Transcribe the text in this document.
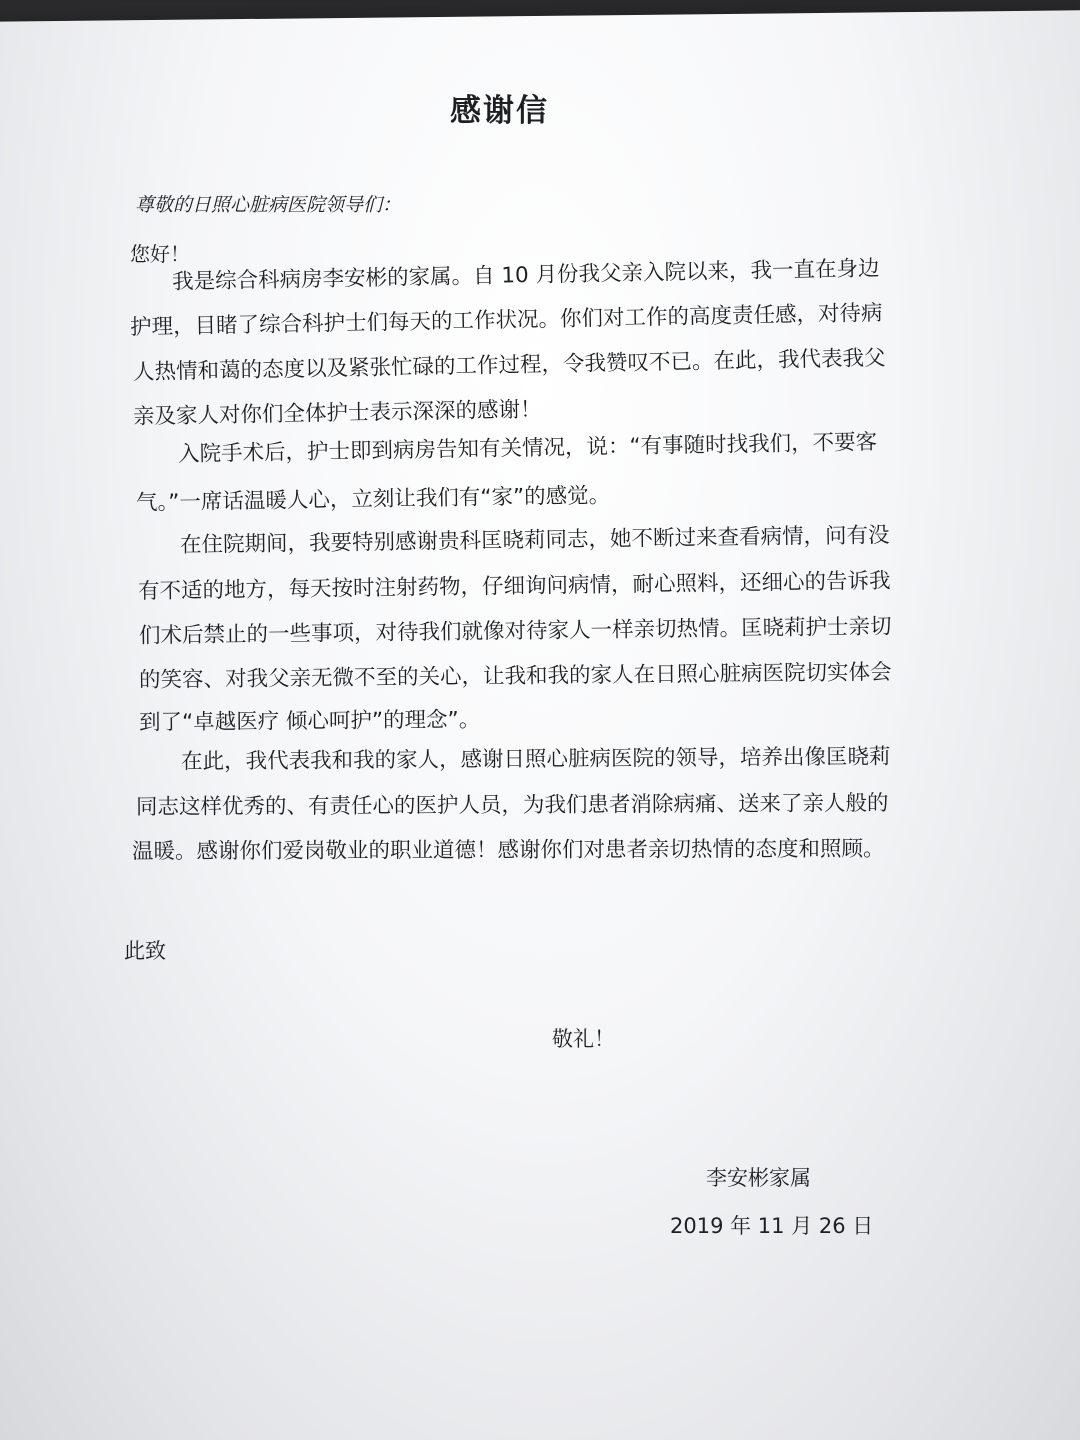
感谢信

尊敬的日照心脏病医院领导们：

您好！

我是综合科病房李安彬的家属。自 10 月份我父亲入院以来，我一直在身边

护理，目睹了综合科护士们每天的工作状况。你们对工作的高度责任感，对待病

人热情和蔼的态度以及紧张忙碌的工作过程，令我赞叹不已。在此，我代表我父

亲及家人对你们全体护士表示深深的感谢！

入院手术后，护士即到病房告知有关情况，说：“有事随时找我们，不要客

气。”一席话温暖人心，立刻让我们有“家”的感觉。

在住院期间，我要特别感谢贵科匡晓莉同志，她不断过来查看病情，问有没

有不适的地方，每天按时注射药物，仔细询问病情，耐心照料，还细心的告诉我

们术后禁止的一些事项，对待我们就像对待家人一样亲切热情。匡晓莉护士亲切

的笑容、对我父亲无微不至的关心，让我和我的家人在日照心脏病医院切实体会

到了“卓越医疗 倾心呵护”的理念”。

在此，我代表我和我的家人，感谢日照心脏病医院的领导，培养出像匡晓莉

同志这样优秀的、有责任心的医护人员，为我们患者消除病痛、送来了亲人般的

温暖。感谢你们爱岗敬业的职业道德！感谢你们对患者亲切热情的态度和照顾。

此致

敬礼！

李安彬家属

2019 年 11 月 26 日
